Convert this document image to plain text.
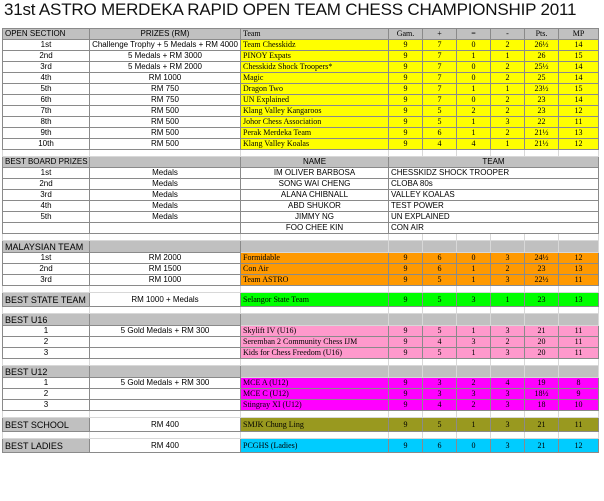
31st ASTRO MERDEKA RAPID OPEN TEAM CHESS CHAMPIONSHIP 2011
OPEN SECTION	PRIZES (RM)	Team	Gam.	+	=	-	Pts.	MP
1st	Challenge Trophy + 5 Medals + RM 4000	Team Chesskidz	9	7	0	2	26½	14
2nd	5 Medals + RM 3000	PINOY Expats	9	7	1	1	26	15
3rd	5 Medals + RM 2000	Chesskidz Shock Troopers*	9	7	0	2	25½	14
4th	RM 1000	Magic	9	7	0	2	25	14
5th	RM 750	Dragon Two	9	7	1	1	23½	15
6th	RM 750	UN Explained	9	7	0	2	23	14
7th	RM 500	Klang Valley Kangaroos	9	5	2	2	23	12
8th	RM 500	Johor Chess Association	9	5	1	3	22	11
9th	RM 500	Perak Merdeka Team	9	6	1	2	21½	13
10th	RM 500	Klang Valley Koalas	9	4	4	1	21½	12

BEST BOARD PRIZES		NAME	TEAM					
1st	Medals	IM OLIVER BARBOSA	CHESSKIDZ SHOCK TROOPER					
2nd	Medals	SONG WAI CHENG	CLOBA 80s					
3rd	Medals	ALANA CHIBNALL	VALLEY KOALAS					
4th	Medals	ABD SHUKOR	TEST POWER					
5th	Medals	JIMMY NG	UN EXPLAINED					
		FOO CHEE KIN	CON AIR					

MALAYSIAN TEAM								
1st	RM 2000	Formidable	9	6	0	3	24½	12
2nd	RM 1500	Con Air	9	6	1	2	23	13
3rd	RM 1000	Team ASTRO	9	5	1	3	22½	11

BEST STATE TEAM	RM 1000 + Medals	Selangor State Team	9	5	3	1	23	13

BEST U16								
1	5 Gold Medals + RM 300	Skylift IV (U16)	9	5	1	3	21	11
2		Seremban 2 Community Chess IJM	9	4	3	2	20	11
3		Kids for Chess Freedom (U16)	9	5	1	3	20	11

BEST U12								
1	5 Gold Medals + RM 300	MCE A (U12)	9	3	2	4	19	8
2		MCE C (U12)	9	3	3	3	18½	9
3		Stingray XI (U12)	9	4	2	3	18	10

BEST SCHOOL	RM 400	SMJK Chung Ling	9	5	1	3	21	11

BEST LADIES	RM 400	PCGHS (Ladies)	9	6	0	3	21	12
